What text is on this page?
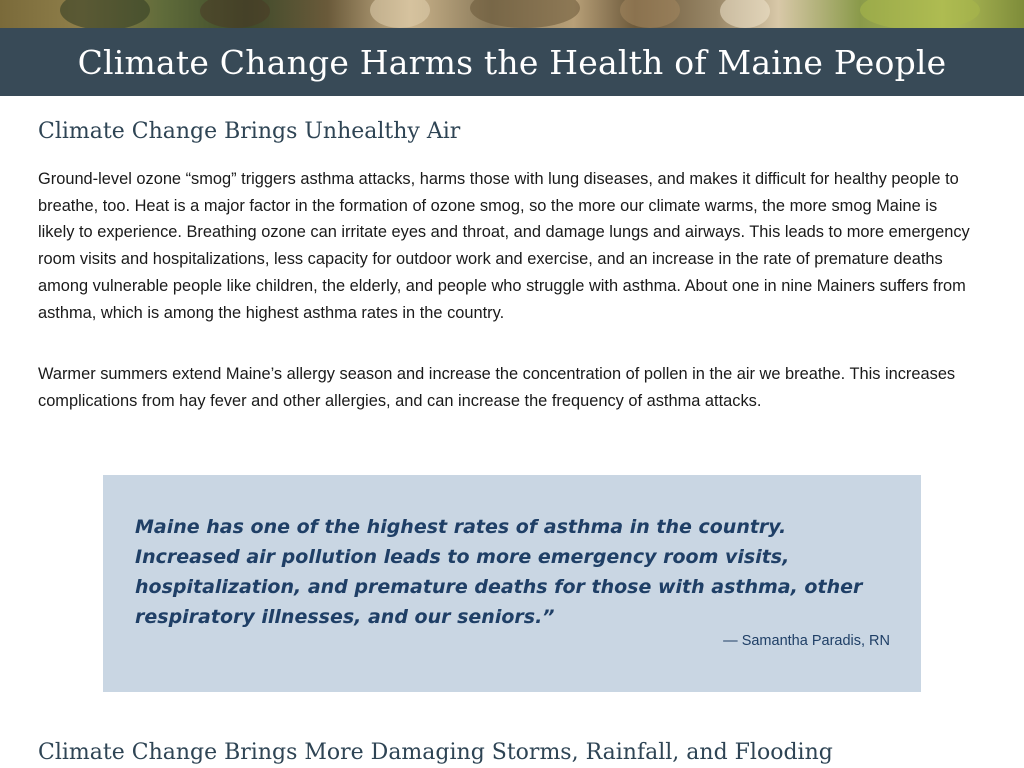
Climate Change Harms the Health of Maine People
Climate Change Brings Unhealthy Air

Ground-level ozone “smog” triggers asthma attacks, harms those with lung diseases, and makes it difficult for healthy people to breathe, too. Heat is a major factor in the formation of ozone smog, so the more our climate warms, the more smog Maine is likely to experience. Breathing ozone can irritate eyes and throat, and damage lungs and airways. This leads to more emergency room visits and hospitalizations, less capacity for outdoor work and exercise, and an increase in the rate of premature deaths among vulnerable people like children, the elderly, and people who struggle with asthma. About one in nine Mainers suffers from asthma, which is among the highest asthma rates in the country.

Warmer summers extend Maine’s allergy season and increase the concentration of pollen in the air we breathe. This increases complications from hay fever and other allergies, and can increase the frequency of asthma attacks.

Maine has one of the highest rates of asthma in the country. Increased air pollution leads to more emergency room visits, hospitalization, and premature deaths for those with asthma, other respiratory illnesses, and our seniors.”

— Samantha Paradis, RN

Climate Change Brings More Damaging Storms, Rainfall, and Flooding
